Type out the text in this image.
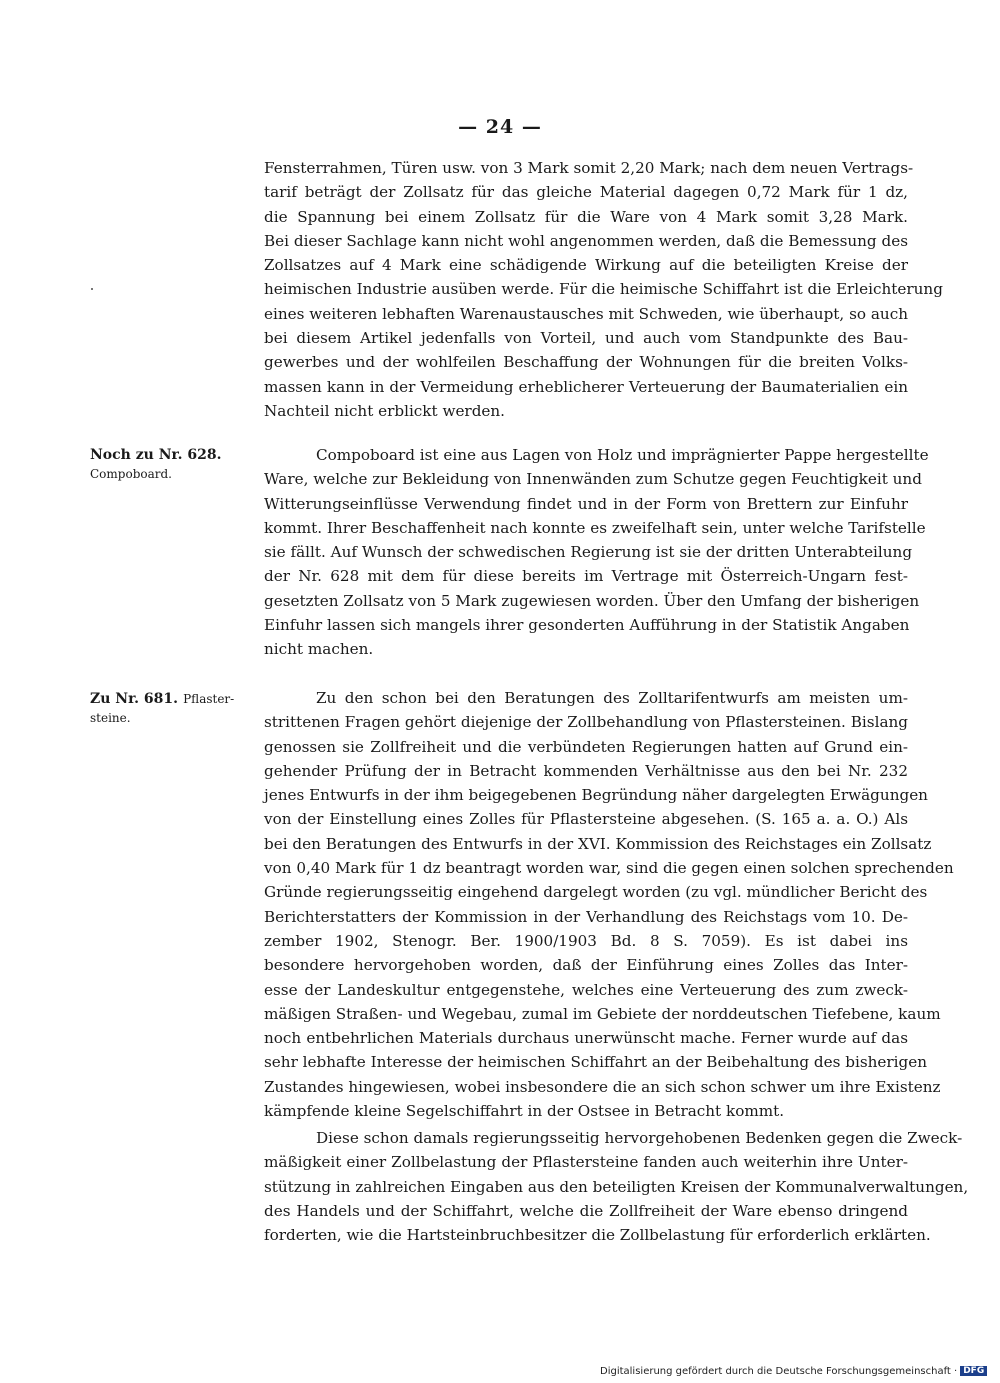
— 24 —
Fensterrahmen, Türen usw. von 3 Mark somit 2,20 Mark; nach dem neuen Vertrags-
tarif beträgt der Zollsatz für das gleiche Material dagegen 0,72 Mark für 1 dz,
die Spannung bei einem Zollsatz für die Ware von 4 Mark somit 3,28 Mark.
Bei dieser Sachlage kann nicht wohl angenommen werden, daß die Bemessung des
Zollsatzes auf 4 Mark eine schädigende Wirkung auf die beteiligten Kreise der
heimischen Industrie ausüben werde. Für die heimische Schiffahrt ist die Erleichterung
eines weiteren lebhaften Warenaustausches mit Schweden, wie überhaupt, so auch
bei diesem Artikel jedenfalls von Vorteil, und auch vom Standpunkte des Bau-
gewerbes und der wohlfeilen Beschaffung der Wohnungen für die breiten Volks-
massen kann in der Vermeidung erheblicherer Verteuerung der Baumaterialien ein
Nachteil nicht erblickt werden.
Noch zu Nr. 628.
Compoboard.
Compoboard ist eine aus Lagen von Holz und imprägnierter Pappe hergestellte
Ware, welche zur Bekleidung von Innenwänden zum Schutze gegen Feuchtigkeit und
Witterungseinflüsse Verwendung findet und in der Form von Brettern zur Einfuhr
kommt. Ihrer Beschaffenheit nach konnte es zweifelhaft sein, unter welche Tarifstelle
sie fällt. Auf Wunsch der schwedischen Regierung ist sie der dritten Unterabteilung
der Nr. 628 mit dem für diese bereits im Vertrage mit Österreich-Ungarn fest-
gesetzten Zollsatz von 5 Mark zugewiesen worden. Über den Umfang der bisherigen
Einfuhr lassen sich mangels ihrer gesonderten Aufführung in der Statistik Angaben
nicht machen.
Zu Nr. 681. Pflaster-
steine.
Zu den schon bei den Beratungen des Zolltarifentwurfs am meisten um-
strittenen Fragen gehört diejenige der Zollbehandlung von Pflastersteinen. Bislang
genossen sie Zollfreiheit und die verbündeten Regierungen hatten auf Grund ein-
gehender Prüfung der in Betracht kommenden Verhältnisse aus den bei Nr. 232
jenes Entwurfs in der ihm beigegebenen Begründung näher dargelegten Erwägungen
von der Einstellung eines Zolles für Pflastersteine abgesehen. (S. 165 a. a. O.) Als
bei den Beratungen des Entwurfs in der XVI. Kommission des Reichstages ein Zollsatz
von 0,40 Mark für 1 dz beantragt worden war, sind die gegen einen solchen sprechenden
Gründe regierungsseitig eingehend dargelegt worden (zu vgl. mündlicher Bericht des
Berichterstatters der Kommission in der Verhandlung des Reichstags vom 10. De-
zember 1902, Stenogr. Ber. 1900/1903 Bd. 8 S. 7059). Es ist dabei ins
besondere hervorgehoben worden, daß der Einführung eines Zolles das Inter-
esse der Landeskultur entgegenstehe, welches eine Verteuerung des zum zweck-
mäßigen Straßen- und Wegebau, zumal im Gebiete der norddeutschen Tiefebene, kaum
noch entbehrlichen Materials durchaus unerwünscht mache. Ferner wurde auf das
sehr lebhafte Interesse der heimischen Schiffahrt an der Beibehaltung des bisherigen
Zustandes hingewiesen, wobei insbesondere die an sich schon schwer um ihre Existenz
kämpfende kleine Segelschiffahrt in der Ostsee in Betracht kommt.
Diese schon damals regierungsseitig hervorgehobenen Bedenken gegen die Zweck-
mäßigkeit einer Zollbelastung der Pflastersteine fanden auch weiterhin ihre Unter-
stützung in zahlreichen Eingaben aus den beteiligten Kreisen der Kommunalverwaltungen,
des Handels und der Schiffahrt, welche die Zollfreiheit der Ware ebenso dringend
forderten, wie die Hartsteinbruchbesitzer die Zollbelastung für erforderlich erklärten.
Digitalisierung gefördert durch die Deutsche Forschungsgemeinschaft · DFG
